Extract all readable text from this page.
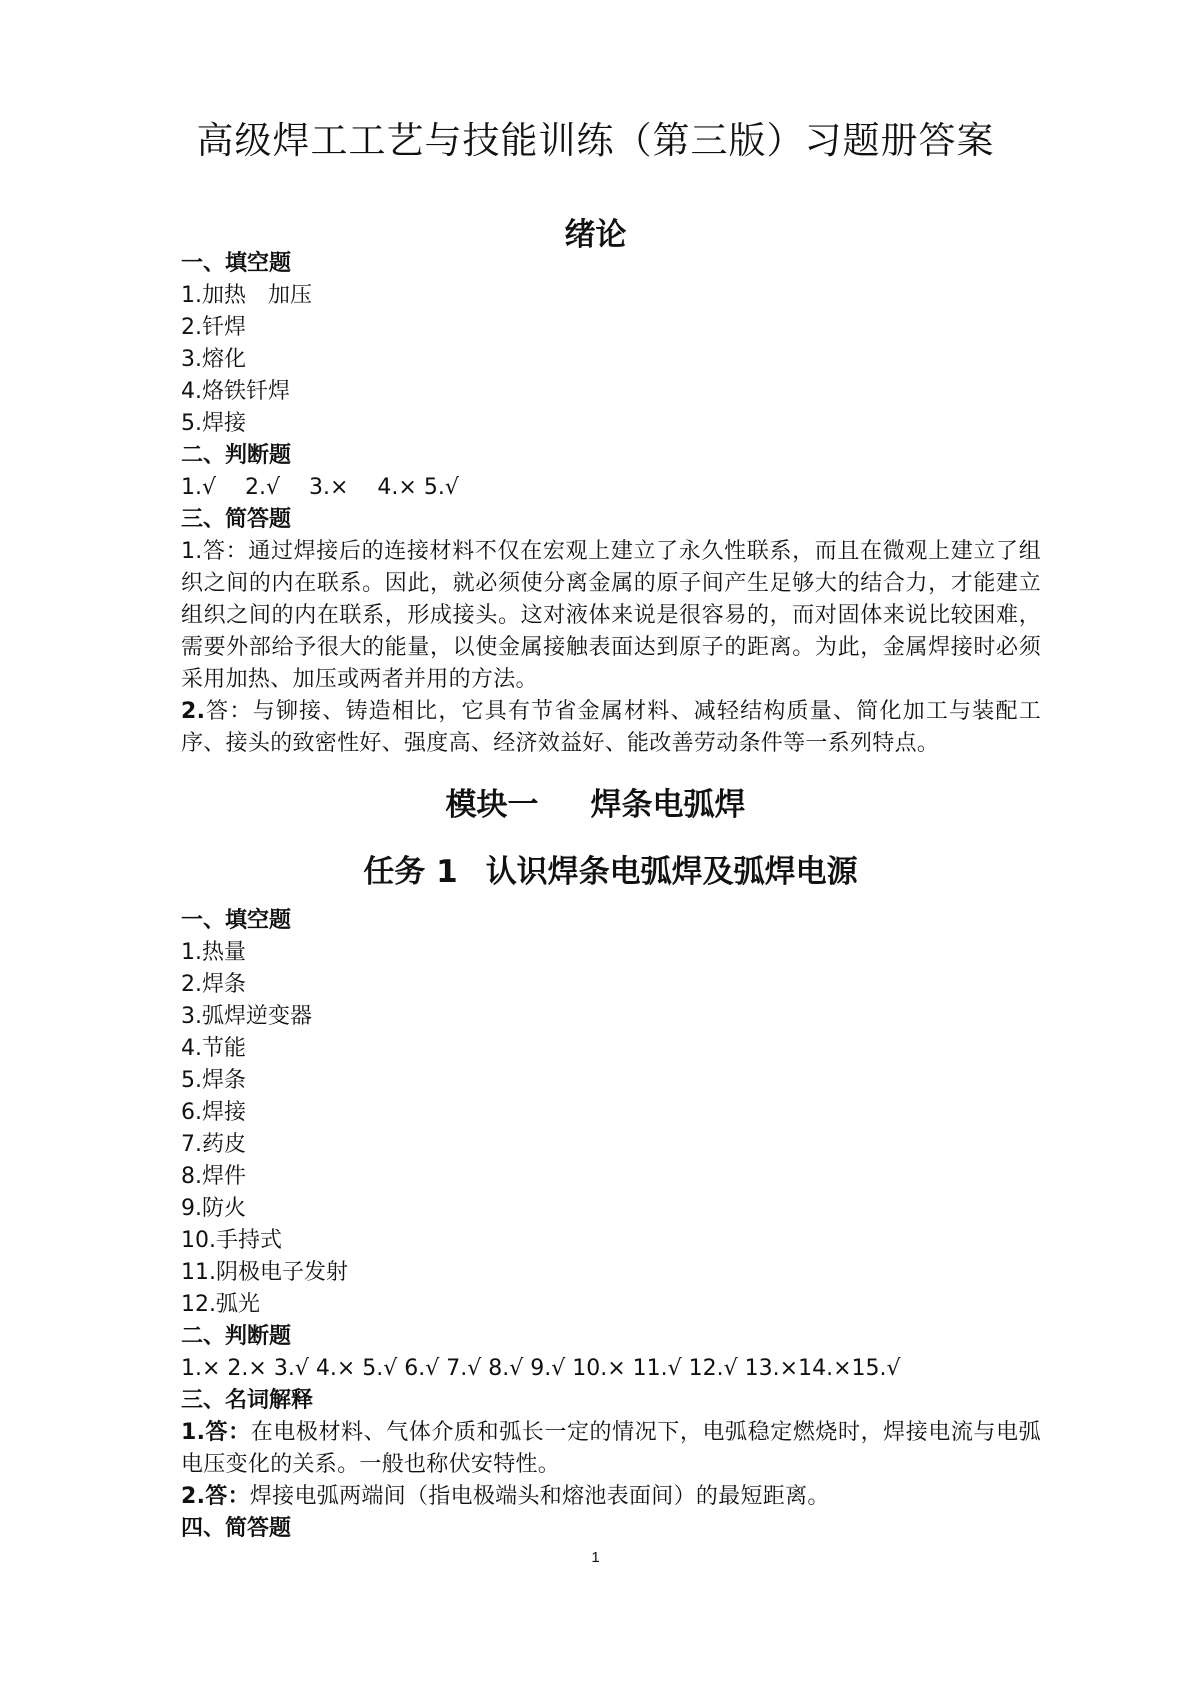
高级焊工工艺与技能训练（第三版）习题册答案
绪论
一、填空题
1.加热　加压
2.钎焊
3.熔化
4.烙铁钎焊
5.焊接
二、判断题
1.√　 2.√　 3.×　 4.× 5.√
三、简答题
1.答：通过焊接后的连接材料不仅在宏观上建立了永久性联系，而且在微观上建立了组织之间的内在联系。因此，就必须使分离金属的原子间产生足够大的结合力，才能建立组织之间的内在联系，形成接头。这对液体来说是很容易的，而对固体来说比较困难，需要外部给予很大的能量，以使金属接触表面达到原子的距离。为此，金属焊接时必须采用加热、加压或两者并用的方法。
2.答：与铆接、铸造相比，它具有节省金属材料、减轻结构质量、简化加工与装配工序、接头的致密性好、强度高、经济效益好、能改善劳动条件等一系列特点。
模块一 焊条电弧焊
任务 1 认识焊条电弧焊及弧焊电源
一、填空题
1.热量
2.焊条
3.弧焊逆变器
4.节能
5.焊条
6.焊接
7.药皮
8.焊件
9.防火
10.手持式
11.阴极电子发射
12.弧光
二、判断题
1.× 2.× 3.√ 4.× 5.√ 6.√ 7.√ 8.√ 9.√ 10.× 11.√ 12.√ 13.×14.×15.√
三、名词解释
1.答：在电极材料、气体介质和弧长一定的情况下，电弧稳定燃烧时，焊接电流与电弧电压变化的关系。一般也称伏安特性。
2.答：焊接电弧两端间（指电极端头和熔池表面间）的最短距离。
四、简答题
1
